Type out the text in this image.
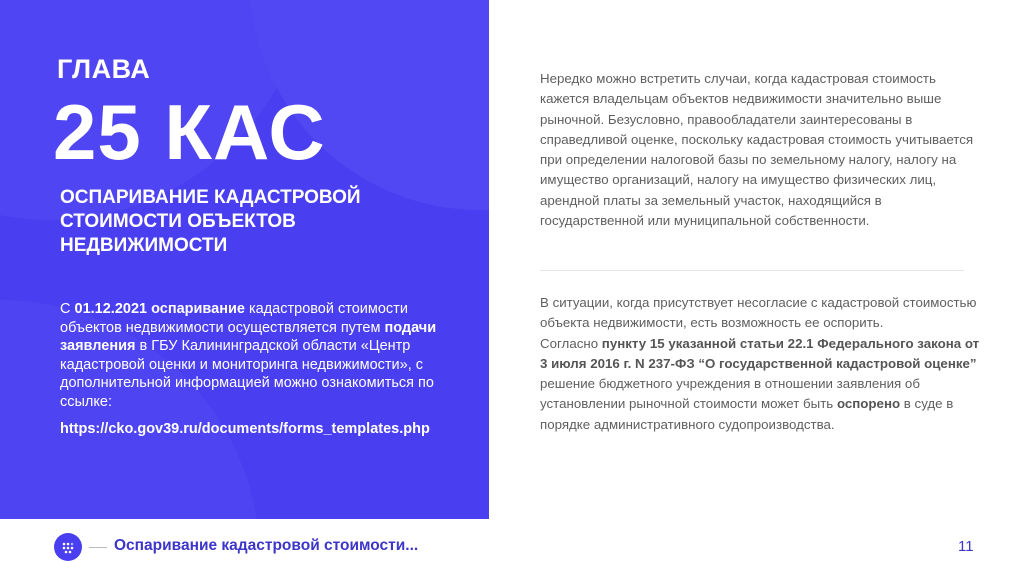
ГЛАВА

25 КАС

ОСПАРИВАНИЕ КАДАСТРОВОЙ СТОИМОСТИ ОБЪЕКТОВ НЕДВИЖИМОСТИ

С 01.12.2021 оспаривание кадастровой стоимости объектов недвижимости осуществляется путем подачи заявления в ГБУ Калининградской области «Центр кадастровой оценки и мониторинга недвижимости», с дополнительной информацией можно ознакомиться по ссылке:

https://cko.gov39.ru/documents/forms_templates.php

Нередко можно встретить случаи, когда кадастровая стоимость кажется владельцам объектов недвижимости значительно выше рыночной. Безусловно, правообладатели заинтересованы в справедливой оценке, поскольку кадастровая стоимость учитывается при определении налоговой базы по земельному налогу, налогу на имущество организаций, налогу на имущество физических лиц, арендной платы за земельный участок, находящийся в государственной или муниципальной собственности.

В ситуации, когда присутствует несогласие с кадастровой стоимостью объекта недвижимости, есть возможность ее оспорить.
Согласно пункту 15 указанной статьи 22.1 Федерального закона от 3 июля 2016 г. N 237-ФЗ “О государственной кадастровой оценке” решение бюджетного учреждения в отношении заявления об установлении рыночной стоимости может быть оспорено в суде в порядке административного судопроизводства.

Оспаривание кадастровой стоимости...	11
